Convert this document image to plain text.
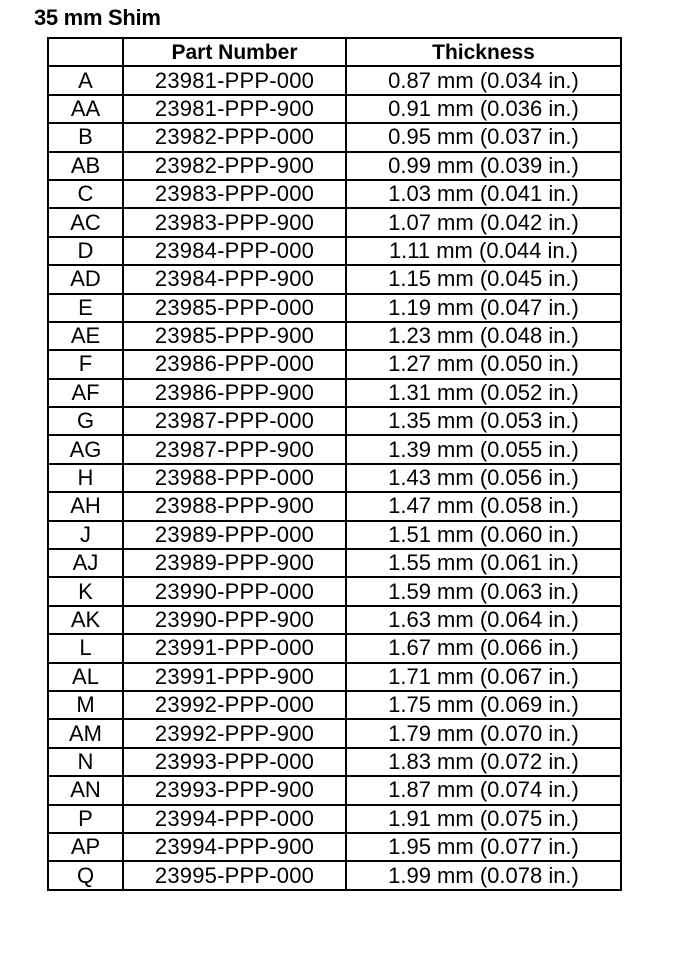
35 mm Shim
	Part Number	Thickness
A	23981-PPP-000	0.87 mm (0.034 in.)
AA	23981-PPP-900	0.91 mm (0.036 in.)
B	23982-PPP-000	0.95 mm (0.037 in.)
AB	23982-PPP-900	0.99 mm (0.039 in.)
C	23983-PPP-000	1.03 mm (0.041 in.)
AC	23983-PPP-900	1.07 mm (0.042 in.)
D	23984-PPP-000	1.11 mm (0.044 in.)
AD	23984-PPP-900	1.15 mm (0.045 in.)
E	23985-PPP-000	1.19 mm (0.047 in.)
AE	23985-PPP-900	1.23 mm (0.048 in.)
F	23986-PPP-000	1.27 mm (0.050 in.)
AF	23986-PPP-900	1.31 mm (0.052 in.)
G	23987-PPP-000	1.35 mm (0.053 in.)
AG	23987-PPP-900	1.39 mm (0.055 in.)
H	23988-PPP-000	1.43 mm (0.056 in.)
AH	23988-PPP-900	1.47 mm (0.058 in.)
J	23989-PPP-000	1.51 mm (0.060 in.)
AJ	23989-PPP-900	1.55 mm (0.061 in.)
K	23990-PPP-000	1.59 mm (0.063 in.)
AK	23990-PPP-900	1.63 mm (0.064 in.)
L	23991-PPP-000	1.67 mm (0.066 in.)
AL	23991-PPP-900	1.71 mm (0.067 in.)
M	23992-PPP-000	1.75 mm (0.069 in.)
AM	23992-PPP-900	1.79 mm (0.070 in.)
N	23993-PPP-000	1.83 mm (0.072 in.)
AN	23993-PPP-900	1.87 mm (0.074 in.)
P	23994-PPP-000	1.91 mm (0.075 in.)
AP	23994-PPP-900	1.95 mm (0.077 in.)
Q	23995-PPP-000	1.99 mm (0.078 in.)
